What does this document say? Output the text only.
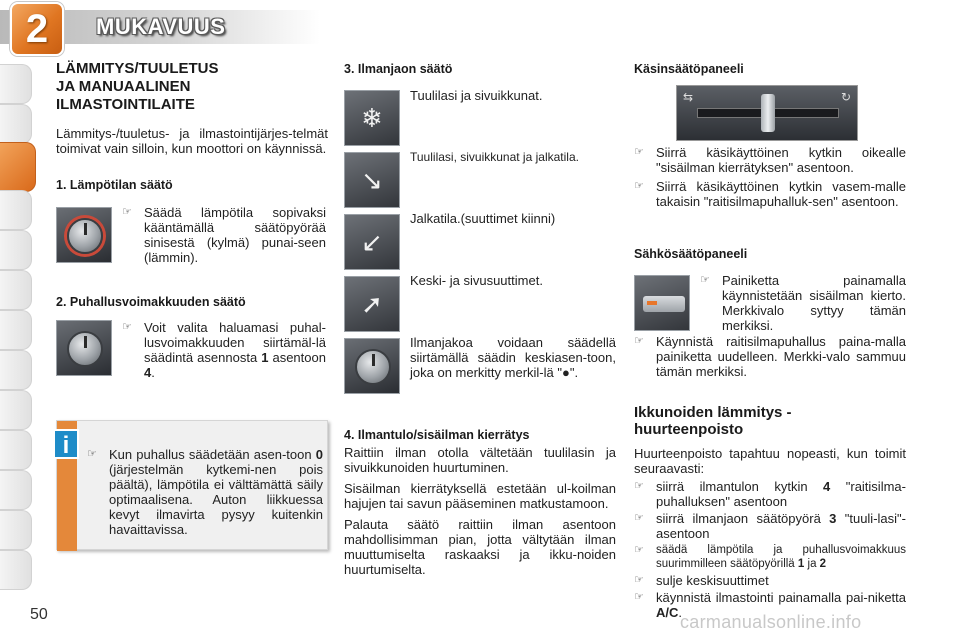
2	MUKAVUUS
LÄMMITYS/TUULETUS
JA MANUAALINEN
ILMASTOINTILAITE

Lämmitys-/tuuletus- ja ilmastointijärjes-telmät toimivat vain silloin, kun moottori on käynnissä.

1. Lämpötilan säätö
☞ Säädä lämpötila sopivaksi kääntämällä säätöpyörää sinisestä (kylmä) punai-seen (lämmin).
2. Puhallusvoimakkuuden säätö
☞ Voit valita haluamasi puhal-lusvoimakkuuden siirtämäl-lä säädintä asennosta 1 asentoon 4.
i	☞ Kun puhallus säädetään asen-toon 0 (järjestelmän kytkemi-nen pois päältä), lämpötila ei välttämättä säily optimaalisena. Auton liikkuessa kevyt ilmavirta pysyy kuitenkin havaittavissa.
3. Ilmanjaon säätö
❄
Tuulilasi ja sivuikkunat.
↘
Tuulilasi, sivuikkunat ja jalkatila.
↙
Jalkatila.(suuttimet kiinni)
➚
Keski- ja sivusuuttimet.
Ilmanjakoa voidaan säädellä siirtämällä säädin keskiasen-toon, joka on merkitty merkil-lä "●".
4. Ilmantulo/sisäilman kierrätys

Raittiin ilman otolla vältetään tuulilasin ja sivuikkunoiden huurtuminen.

Sisäilman kierrätyksellä estetään ul-koilman hajujen tai savun pääseminen matkustamoon.

Palauta säätö raittiin ilman asentoon mahdollisimman pian, jotta vältytään ilman muuttumiselta raskaaksi ja ikku-noiden huurtumiselta.

Käsinsäätöpaneeli
⇆	↻
☞ Siirrä käsikäyttöinen kytkin oikealle "sisäilman kierrätyksen" asentoon.
☞ Siirrä käsikäyttöinen kytkin vasem-malle takaisin "raitisilmapuhalluk-sen" asentoon.
Sähkösäätöpaneeli
☞ Painiketta painamalla käynnistetään sisäilman kierto. Merkkivalo syttyy tämän merkiksi.
☞ Käynnistä raitisilmapuhallus paina-malla painiketta uudelleen. Merkki-valo sammuu tämän merkiksi.
Ikkunoiden lämmitys -
huurteenpoisto

Huurteenpoisto tapahtuu nopeasti, kun toimit seuraavasti:

☞ siirrä ilmantulon kytkin 4 "raitisilma-puhalluksen" asentoon
☞ siirrä ilmanjaon säätöpyörä 3 "tuuli-lasi"-asentoon
☞ säädä lämpötila ja puhallusvoimakkuus suurimmilleen säätöpyörillä 1 ja 2
☞ sulje keskisuuttimet
☞ käynnistä ilmastointi painamalla pai-niketta A/C.
50	carmanualsonline.info
